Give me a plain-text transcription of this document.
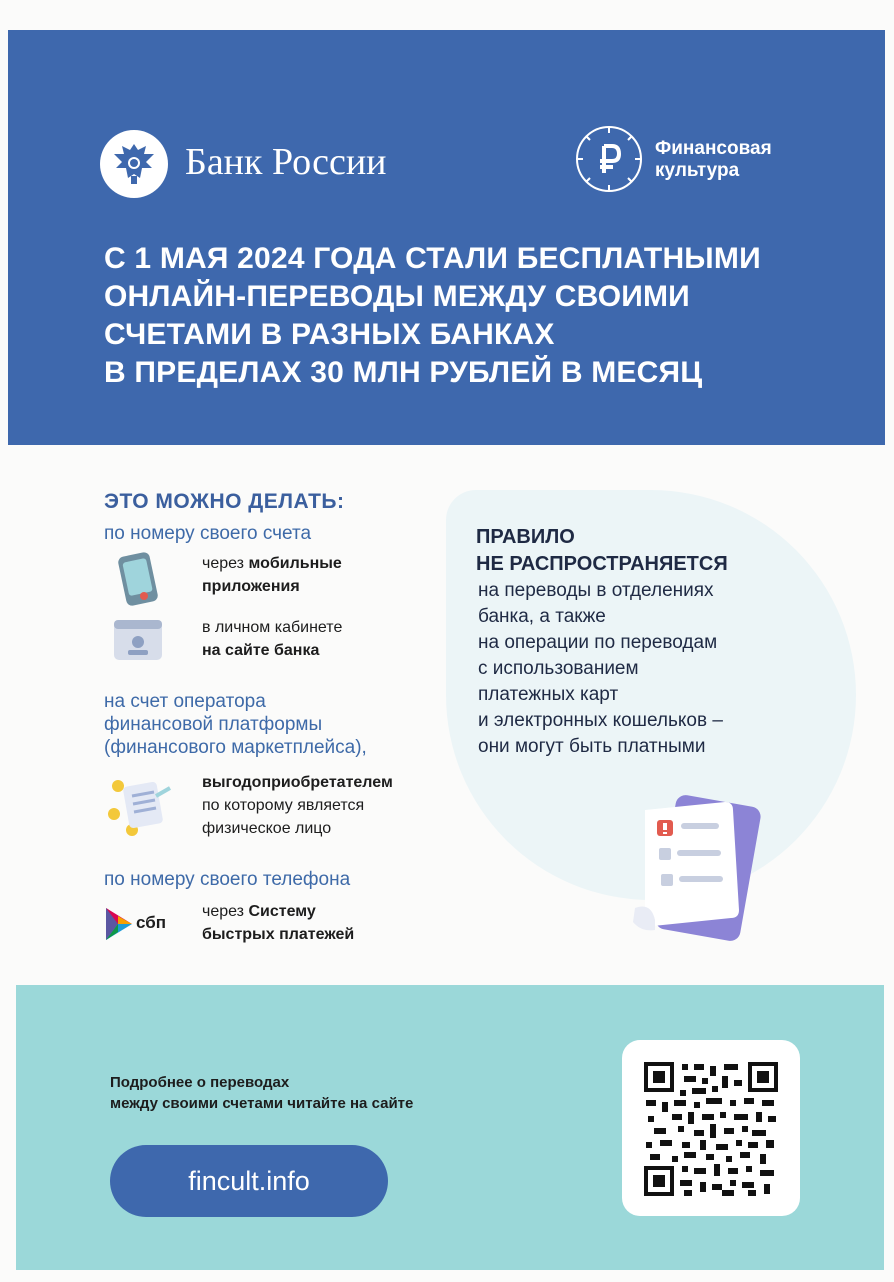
Банк России	Финансовая
культура
С 1 МАЯ 2024 ГОДА СТАЛИ БЕСПЛАТНЫМИ
ОНЛАЙН-ПЕРЕВОДЫ МЕЖДУ СВОИМИ
СЧЕТАМИ В РАЗНЫХ БАНКАХ
В ПРЕДЕЛАХ 30 МЛН РУБЛЕЙ В МЕСЯЦ
ЭТО МОЖНО ДЕЛАТЬ:
по номеру своего счета
через мобильные
приложения
в личном кабинете
на сайте банка
на счет оператора
финансовой платформы
(финансового маркетплейса),
выгодоприобретателем
по которому является
физическое лицо
по номеру своего телефона
сбп
через Систему
быстрых платежей
ПРАВИЛО
НЕ РАСПРОСТРАНЯЕТСЯ
на переводы в отделениях
банка, а также
на операции по переводам
с использованием
платежных карт
и электронных кошельков –
они могут быть платными
Подробнее о переводах
между своими счетами читайте на сайте
fincult.info
